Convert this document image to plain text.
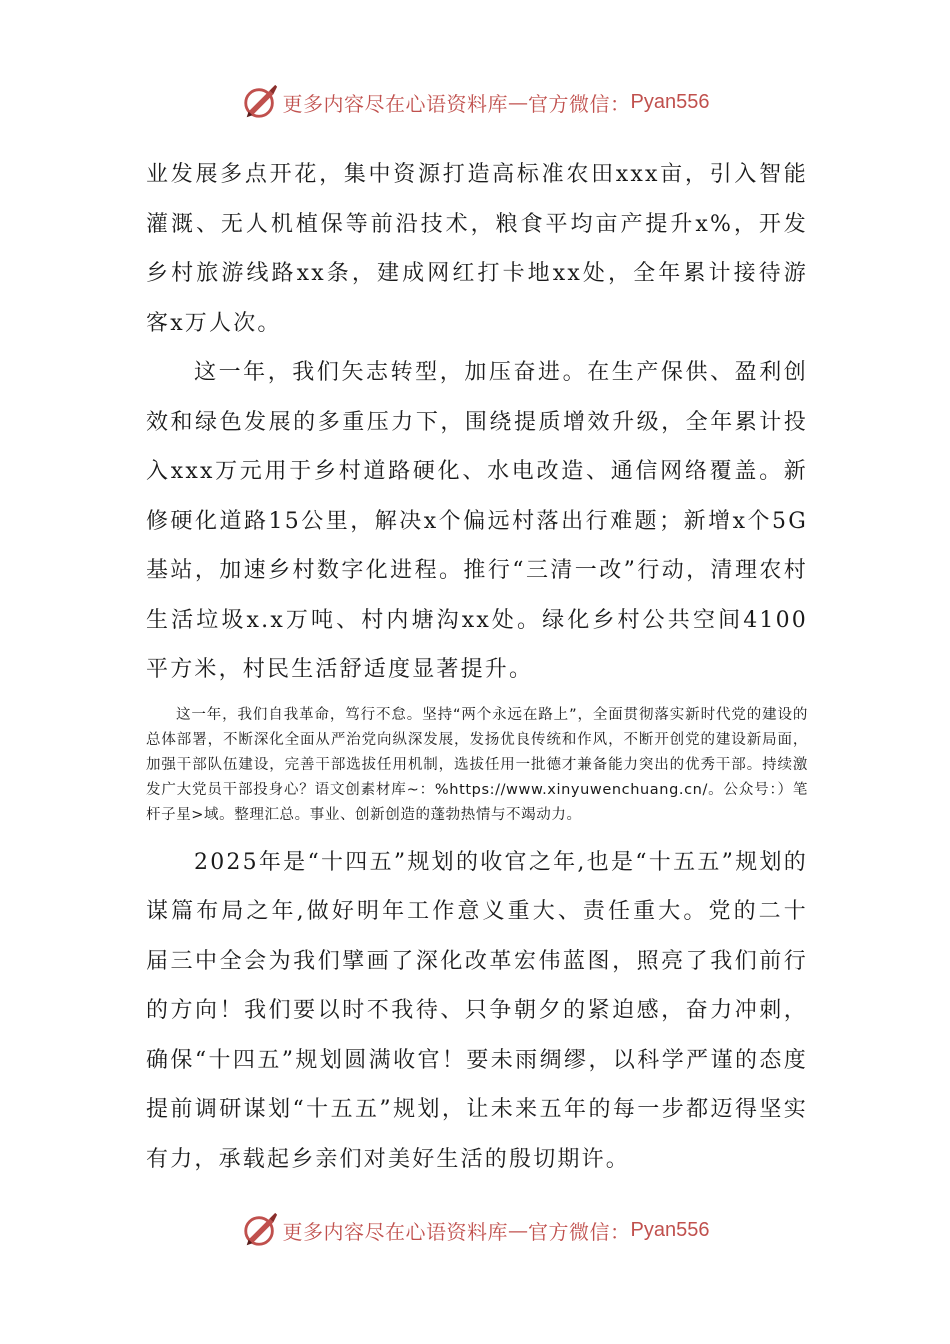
更多内容尽在心语资料库 — 官方微信： Pyan556

业发展多点开花，集中资源打造高标准农田xxx亩，引入智能灌溉、无人机植保等前沿技术，粮食平均亩产提升x%，开发乡村旅游线路xx条，建成网红打卡地xx处，全年累计接待游客x万人次。

这一年，我们矢志转型，加压奋进。在生产保供、盈利创效和绿色发展的多重压力下，围绕提质增效升级，全年累计投入xxx万元用于乡村道路硬化、水电改造、通信网络覆盖。新修硬化道路15公里，解决x个偏远村落出行难题；新增x个5G基站，加速乡村数字化进程。推行“三清一改”行动，清理农村生活垃圾x.x万吨、村内塘沟xx处。绿化乡村公共空间4100平方米，村民生活舒适度显著提升。

这一年，我们自我革命，笃行不怠。坚持“两个永远在路上”，全面贯彻落实新时代党的建设的总体部署，不断深化全面从严治党向纵深发展，发扬优良传统和作风，不断开创党的建设新局面，加强干部队伍建设，完善干部选拔任用机制，选拔任用一批德才兼备能力突出的优秀干部。持续激发广大党员干部投身心？语文创素材库~：%https://www.xinyuwenchuang.cn/。公众号：）笔杆子星>域。整理汇总。事业、创新创造的蓬勃热情与不竭动力。

2025年是“十四五”规划的收官之年,也是“十五五”规划的谋篇布局之年,做好明年工作意义重大、责任重大。党的二十届三中全会为我们擘画了深化改革宏伟蓝图，照亮了我们前行的方向！我们要以时不我待、只争朝夕的紧迫感，奋力冲刺，确保“十四五”规划圆满收官！要未雨绸缪，以科学严谨的态度提前调研谋划“十五五”规划，让未来五年的每一步都迈得坚实有力，承载起乡亲们对美好生活的殷切期许。

更多内容尽在心语资料库 — 官方微信： Pyan556
